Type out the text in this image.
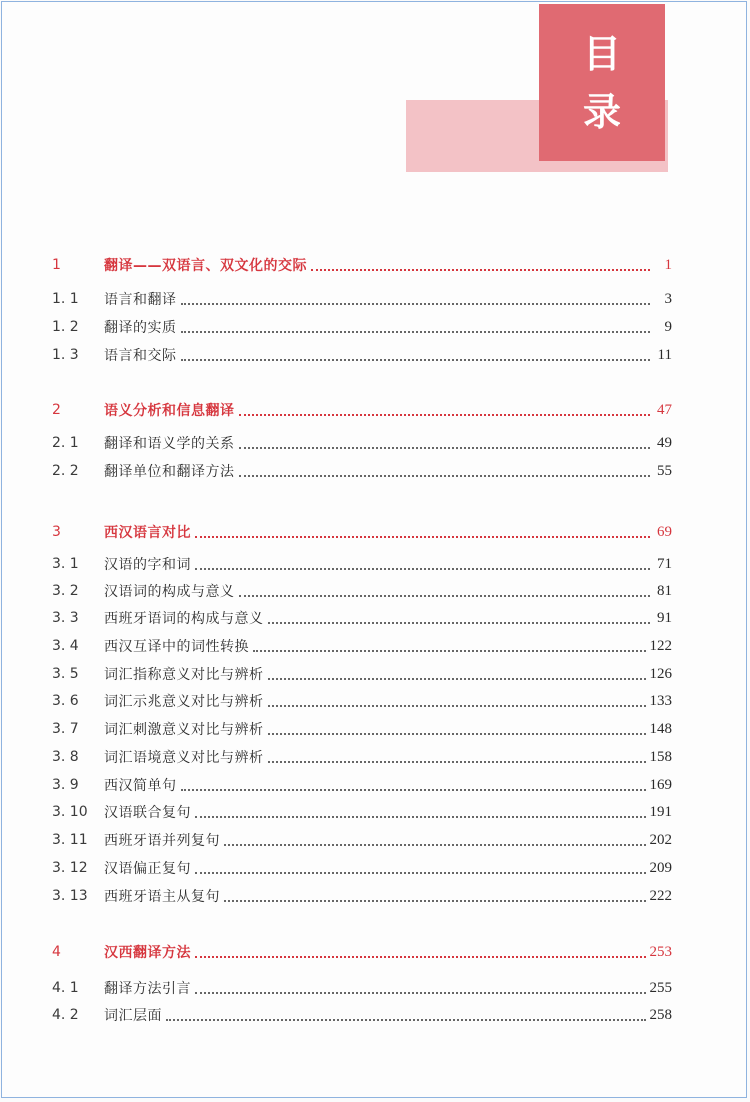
目
录
1	翻译——双语言、双文化的交际	1
1. 1	语言和翻译	3
1. 2	翻译的实质	9
1. 3	语言和交际	11
2	语义分析和信息翻译	47
2. 1	翻译和语义学的关系	49
2. 2	翻译单位和翻译方法	55
3	西汉语言对比	69
3. 1	汉语的字和词	71
3. 2	汉语词的构成与意义	81
3. 3	西班牙语词的构成与意义	91
3. 4	西汉互译中的词性转换	122
3. 5	词汇指称意义对比与辨析	126
3. 6	词汇示兆意义对比与辨析	133
3. 7	词汇刺激意义对比与辨析	148
3. 8	词汇语境意义对比与辨析	158
3. 9	西汉简单句	169
3. 10	汉语联合复句	191
3. 11	西班牙语并列复句	202
3. 12	汉语偏正复句	209
3. 13	西班牙语主从复句	222
4	汉西翻译方法	253
4. 1	翻译方法引言	255
4. 2	词汇层面	258
